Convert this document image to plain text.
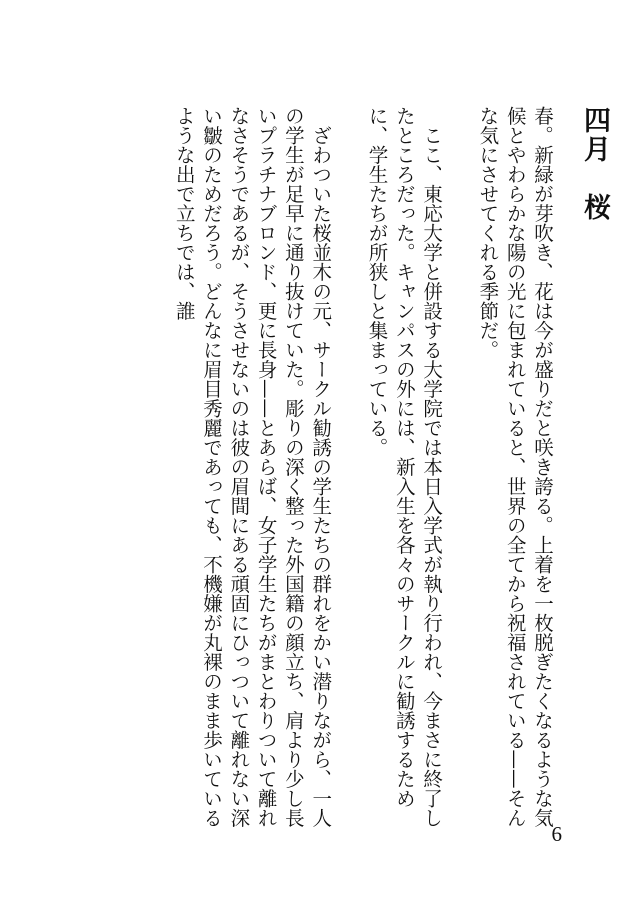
四月　桜

春。新緑が芽吹き、花は今が盛りだと咲き誇る。上着を一枚脱ぎたくなるような気候とやわらかな陽の光に包まれていると、世界の全てから祝福されている——そんな気にさせてくれる季節だ。

　ここ、東応大学と併設する大学院では本日入学式が執り行われ、今まさに終了したところだった。キャンパスの外には、新入生を各々のサークルに勧誘するために、学生たちが所狭しと集まっている。

　ざわついた桜並木の元、サークル勧誘の学生たちの群れをかい潜りながら、一人の学生が足早に通り抜けていた。彫りの深く整った外国籍の顔立ち、肩より少し長いプラチナブロンド、更に長身——とあらば、女子学生たちがまとわりついて離れなさそうであるが、そうさせないのは彼の眉間にある頑固にひっついて離れない深い皺のためだろう。どんなに眉目秀麗であっても、不機嫌が丸裸のまま歩いているような出で立ちでは、誰

6
